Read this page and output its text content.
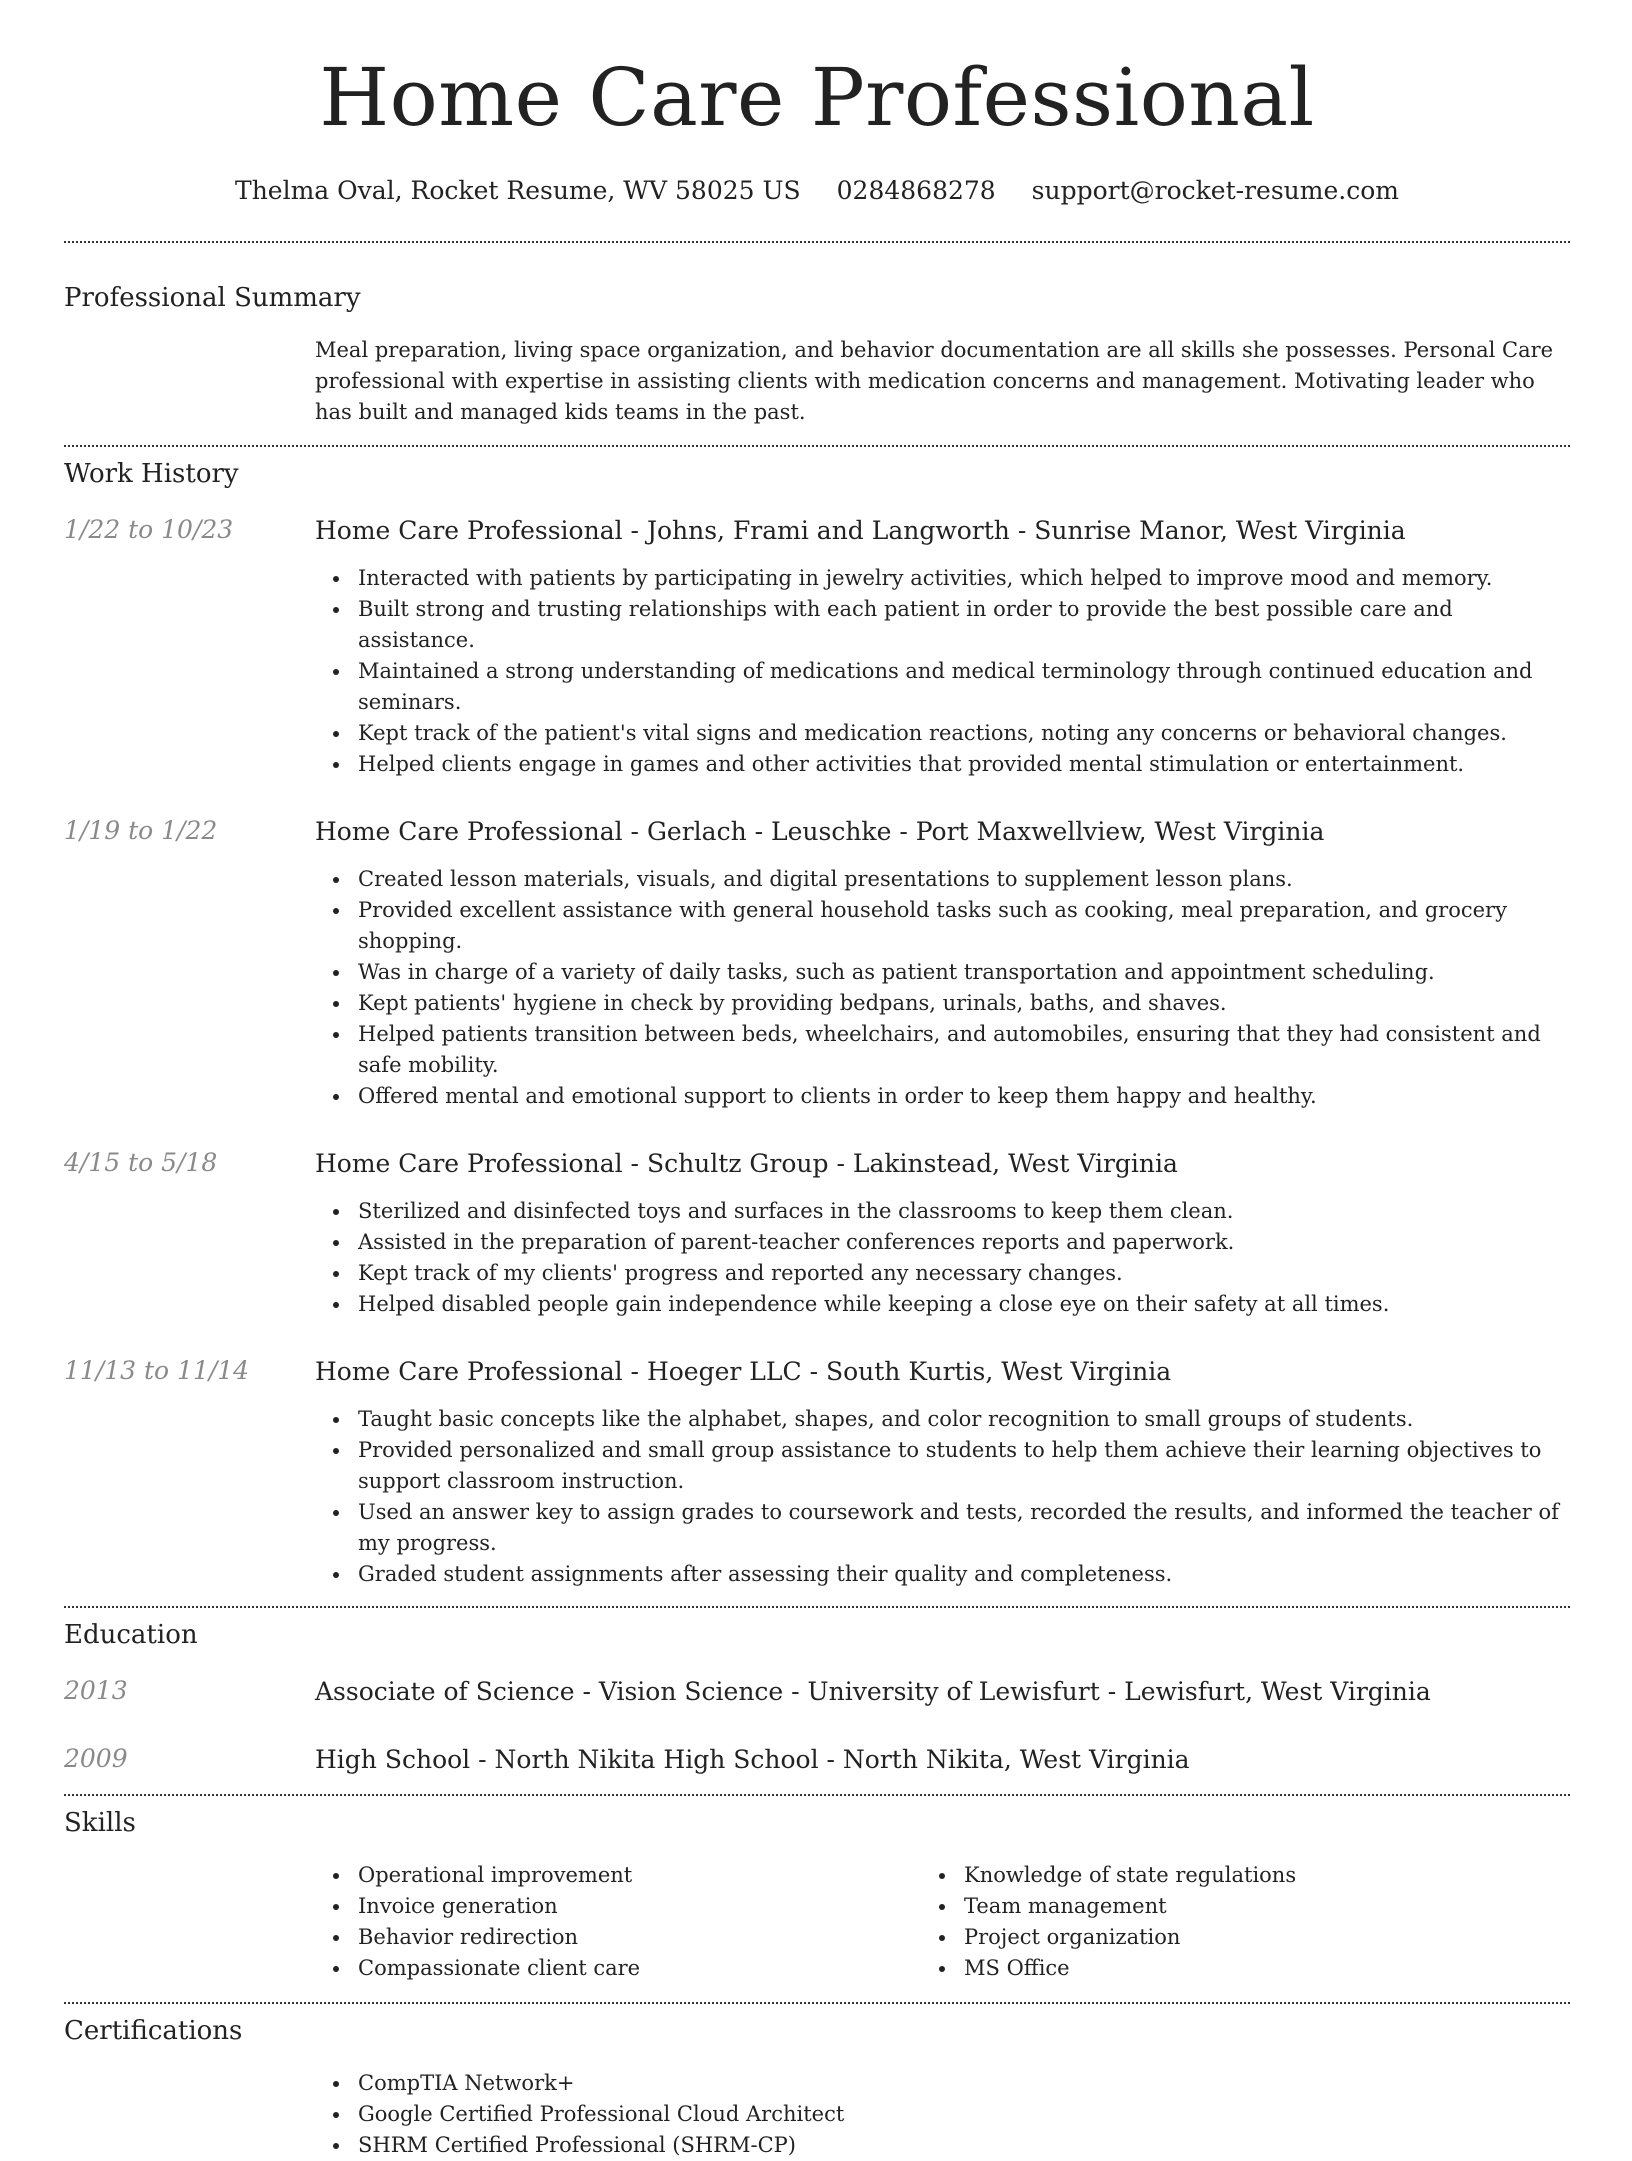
Home Care Professional
Thelma Oval, Rocket Resume, WV 58025 US 0284868278 support@rocket-resume.com
Professional Summary

Meal preparation, living space organization, and behavior documentation are all skills she possesses. Personal Care professional with expertise in assisting clients with medication concerns and management. Motivating leader who has built and managed kids teams in the past.

Work History
1/22 to 10/23	Home Care Professional - Johns, Frami and Langworth - Sunrise Manor, West Virginia
Interacted with patients by participating in jewelry activities, which helped to improve mood and memory.
Built strong and trusting relationships with each patient in order to provide the best possible care and assistance.
Maintained a strong understanding of medications and medical terminology through continued education and seminars.
Kept track of the patient's vital signs and medication reactions, noting any concerns or behavioral changes.
Helped clients engage in games and other activities that provided mental stimulation or entertainment.
1/19 to 1/22	Home Care Professional - Gerlach - Leuschke - Port Maxwellview, West Virginia
Created lesson materials, visuals, and digital presentations to supplement lesson plans.
Provided excellent assistance with general household tasks such as cooking, meal preparation, and grocery shopping.
Was in charge of a variety of daily tasks, such as patient transportation and appointment scheduling.
Kept patients' hygiene in check by providing bedpans, urinals, baths, and shaves.
Helped patients transition between beds, wheelchairs, and automobiles, ensuring that they had consistent and safe mobility.
Offered mental and emotional support to clients in order to keep them happy and healthy.
4/15 to 5/18	Home Care Professional - Schultz Group - Lakinstead, West Virginia
Sterilized and disinfected toys and surfaces in the classrooms to keep them clean.
Assisted in the preparation of parent-teacher conferences reports and paperwork.
Kept track of my clients' progress and reported any necessary changes.
Helped disabled people gain independence while keeping a close eye on their safety at all times.
11/13 to 11/14	Home Care Professional - Hoeger LLC - South Kurtis, West Virginia
Taught basic concepts like the alphabet, shapes, and color recognition to small groups of students.
Provided personalized and small group assistance to students to help them achieve their learning objectives to support classroom instruction.
Used an answer key to assign grades to coursework and tests, recorded the results, and informed the teacher of my progress.
Graded student assignments after assessing their quality and completeness.
Education
2013	Associate of Science - Vision Science - University of Lewisfurt - Lewisfurt, West Virginia
2009	High School - North Nikita High School - North Nikita, West Virginia
Skills
Operational improvement
Invoice generation
Behavior redirection
Compassionate client care
Knowledge of state regulations
Team management
Project organization
MS Office
Certifications
CompTIA Network+
Google Certified Professional Cloud Architect
SHRM Certified Professional (SHRM-CP)
